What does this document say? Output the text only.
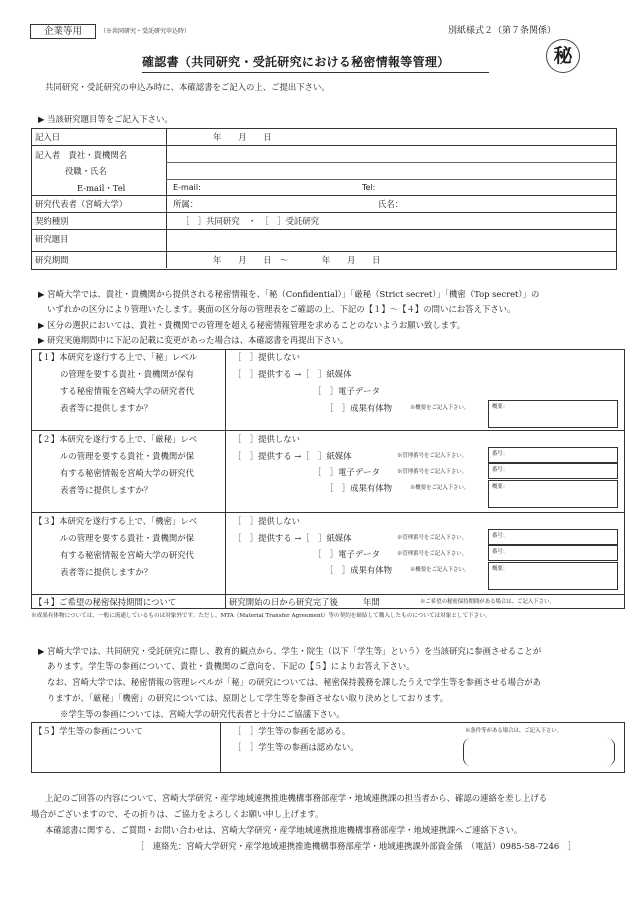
企業等用	（※共同研究・受託研究申込時）	別紙様式２（第７条関係）
秘
確認書（共同研究・受託研究における秘密情報等管理）
共同研究・受託研究の申込み時に、本確認書をご記入の上、ご提出下さい。
▶ 当該研究題目等をご記入下さい。
記入日	年　　月　　日
記入者　貴社・貴機関名
役職・氏名
E-mail・Tel	E-mail:	Tel:
研究代表者（宮崎大学）	所属：	氏名：
契約種別	［　］共同研究　・　［　］受託研究
研究題目
研究期間	年　　月　　日　～　　　　年　　月　　日
▶ 宮崎大学では、貴社・貴機関から提供される秘密情報を、「秘（Confidential）」「厳秘（Strict secret）」「機密（Top secret）」の
いずれかの区分により管理いたします。裏面の区分毎の管理表をご確認の上、下記の【１】～【４】の問いにお答え下さい。
▶ 区分の選択においては、貴社・貴機関での管理を超える秘密情報管理を求めることのないようお願い致します。
▶ 研究実施期間中に下記の記載に変更があった場合は、本確認書を再提出下さい。
【１】本研究を遂行する上で、「秘」レベル
の管理を要する貴社・貴機関が保有
する秘密情報を宮崎大学の研究者代
表者等に提供しますか？
［　］提供しない
［　］提供する →［　］紙媒体
［　］電子データ
［　］成果有体物	※概要をご記入下さい。	概要：
【２】本研究を遂行する上で、「厳秘」レベ
ルの管理を要する貴社・貴機関が保
有する秘密情報を宮崎大学の研究代
表者等に提供しますか？
［　］提供しない
［　］提供する →［　］紙媒体	※管理番号をご記入下さい。	番号：
［　］電子データ	※管理番号をご記入下さい。	番号：
［　］成果有体物	※概要をご記入下さい。	概要：
【３】本研究を遂行する上で、「機密」レベ
ルの管理を要する貴社・貴機関が保
有する秘密情報を宮崎大学の研究代
表者等に提供しますか？
［　］提供しない
［　］提供する →［　］紙媒体	※管理番号をご記入下さい。	番号：
［　］電子データ	※管理番号をご記入下さい。	番号：
［　］成果有体物	※概要をご記入下さい。	概要：
【４】ご希望の秘密保持期間について	研究開始の日から研究完了後　　　年間	※ご希望の秘密保持期間がある場合は、ご記入下さい。
※成果有体物については、一般に流通しているものは対象外です。ただし、MTA（Material Transfer Agreement）等の契約を締結して購入したものについては対象として下さい。
▶ 宮崎大学では、共同研究・受託研究に際し、教育的観点から、学生・院生（以下「学生等」という）を当該研究に参画させることが
あります。学生等の参画について、貴社・貴機関のご意向を、下記の【５】によりお答え下さい。
なお、宮崎大学では、秘密情報の管理レベルが「秘」の研究については、秘密保持義務を課したうえで学生等を参画させる場合があ
りますが、「厳秘」「機密」の研究については、原則として学生等を参画させない取り決めとしております。
※学生等の参画については、宮崎大学の研究代表者と十分にご協議下さい。
【５】学生等の参画について	［　］学生等の参画を認める。
［　］学生等の参画は認めない。
※条件等がある場合は、ご記入下さい。
上記のご回答の内容について、宮崎大学研究・産学地域連携推進機構事務部産学・地域連携課の担当者から、確認の連絡を差し上げる
場合がございますので、その折りは、ご協力をよろしくお願い申し上げます。
本確認書に関する、ご質問・お問い合わせは、宮崎大学研究・産学地域連携推進機構事務部産学・地域連携課へご連絡下さい。
［　連絡先：宮崎大学研究・産学地域連携推進機構事務部産学・地域連携課外部資金係　（電話）0985-58-7246　］
